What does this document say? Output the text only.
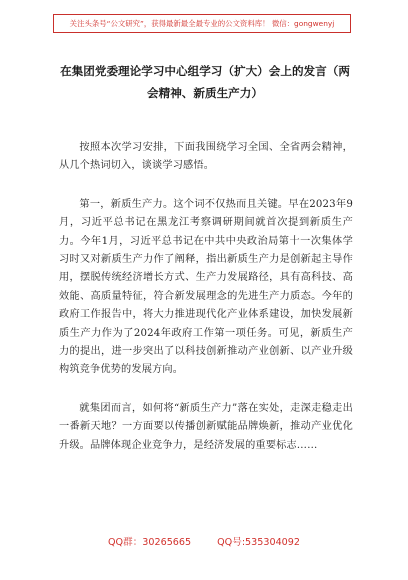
关注头条号“公文研究”，获得最新最全最专业的公文资料库！ 微信：gongwenyj
在集团党委理论学习中心组学习（扩大）会上的发言（两会精神、新质生产力）

按照本次学习安排，下面我围绕学习全国、全省两会精神，从几个热词切入，谈谈学习感悟。

第一，新质生产力。这个词不仅热而且关键。早在2023年9月，习近平总书记在黑龙江考察调研期间就首次提到新质生产力。今年1月，习近平总书记在中共中央政治局第十一次集体学习时又对新质生产力作了阐释，指出新质生产力是创新起主导作用，摆脱传统经济增长方式、生产力发展路径，具有高科技、高效能、高质量特征，符合新发展理念的先进生产力质态。今年的政府工作报告中，将大力推进现代化产业体系建设，加快发展新质生产力作为了2024年政府工作第一项任务。可见，新质生产力的提出，进一步突出了以科技创新推动产业创新、以产业升级构筑竞争优势的发展方向。

就集团而言，如何将“新质生产力”落在实处，走深走稳走出一番新天地？一方面要以传播创新赋能品牌焕新，推动产业优化升级。品牌体现企业竞争力，是经济发展的重要标志……

QQ群：30265665	QQ号:535304092
